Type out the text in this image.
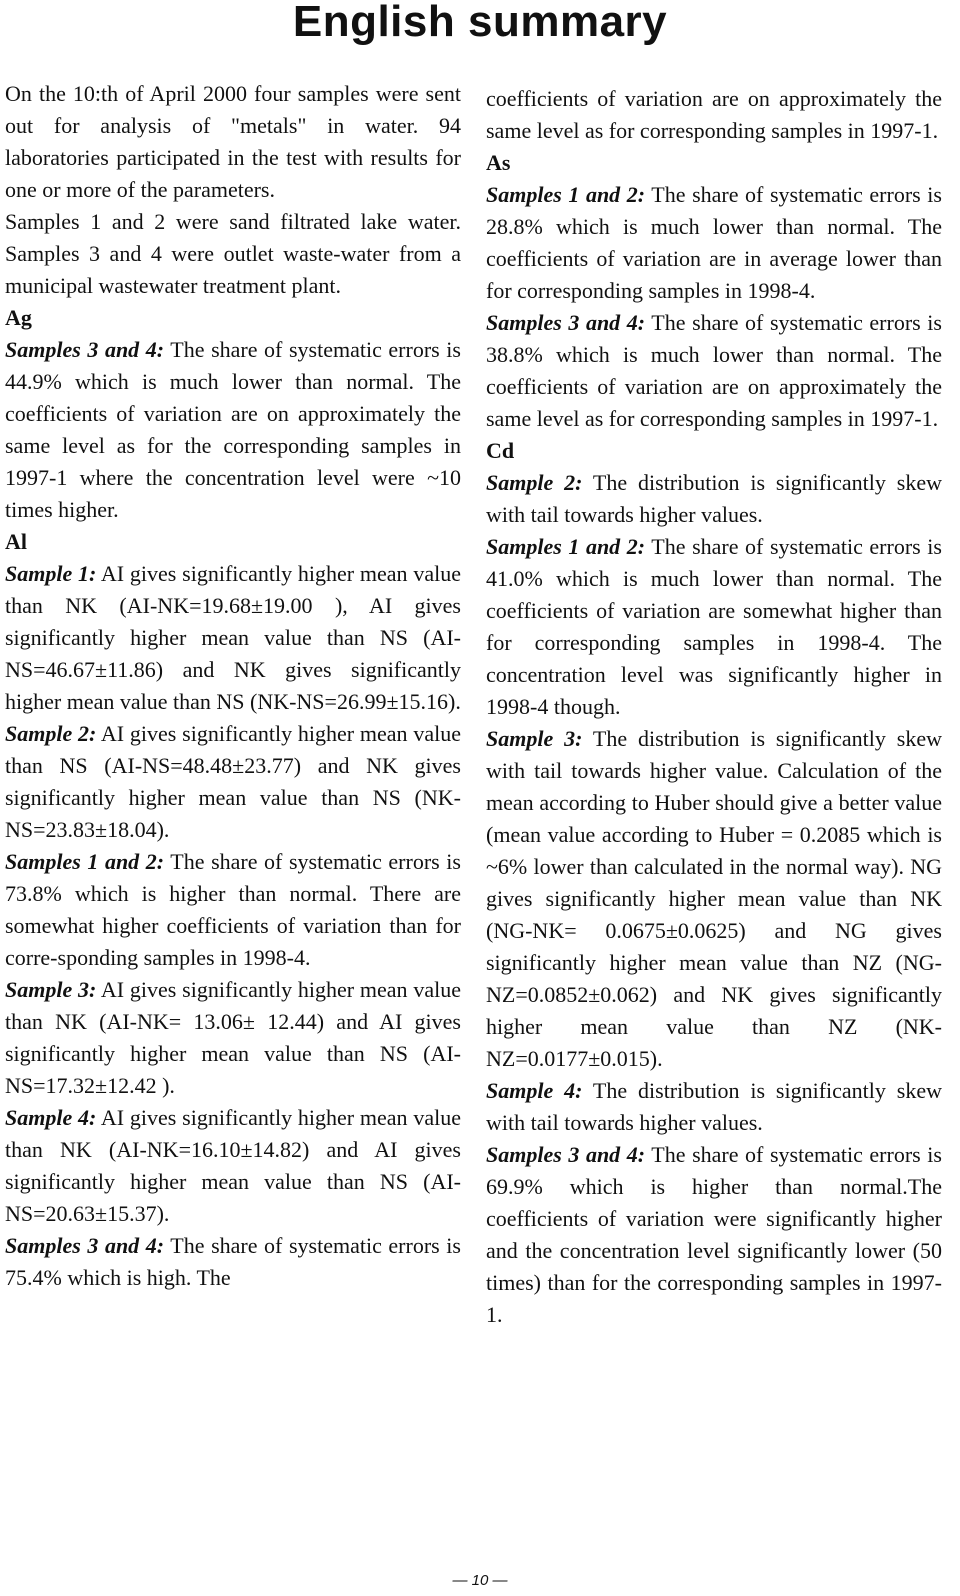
English summary

On the 10:th of April 2000 four samples were sent out for analysis of "metals" in water. 94 laboratories participated in the test with results for one or more of the parameters.

Samples 1 and 2 were sand filtrated lake water. Samples 3 and 4 were outlet waste-water from a municipal wastewater treatment plant.

Ag

Samples 3 and 4: The share of systematic errors is 44.9% which is much lower than normal. The coefficients of variation are on approximately the same level as for the corresponding samples in 1997-1 where the concentration level were ~10 times higher.

Al

Sample 1: AI gives significantly higher mean value than NK (AI-NK=19.68±19.00 ), AI gives significantly higher mean value than NS (AI-NS=46.67±11.86) and NK gives significantly higher mean value than NS (NK-NS=26.99±15.16).

Sample 2: AI gives significantly higher mean value than NS (AI-NS=48.48±23.77) and NK gives significantly higher mean value than NS (NK-NS=23.83±18.04).

Samples 1 and 2: The share of systematic errors is 73.8% which is higher than normal. There are somewhat higher coefficients of variation than for corre-sponding samples in 1998-4.

Sample 3: AI gives significantly higher mean value than NK (AI-NK= 13.06± 12.44) and AI gives significantly higher mean value than NS (AI-NS=17.32±12.42 ).

Sample 4: AI gives significantly higher mean value than NK (AI-NK=16.10±14.82) and AI gives significantly higher mean value than NS (AI-NS=20.63±15.37).

Samples 3 and 4: The share of systematic errors is 75.4% which is high. The

coefficients of variation are on approximately the same level as for corresponding samples in 1997-1.

As

Samples 1 and 2: The share of systematic errors is 28.8% which is much lower than normal. The coefficients of variation are in average lower than for corresponding samples in 1998-4.

Samples 3 and 4: The share of systematic errors is 38.8% which is much lower than normal. The coefficients of variation are on approximately the same level as for corresponding samples in 1997-1.

Cd

Sample 2: The distribution is significantly skew with tail towards higher values.

Samples 1 and 2: The share of systematic errors is 41.0% which is much lower than normal. The coefficients of variation are somewhat higher than for corresponding samples in 1998-4. The concentration level was significantly higher in 1998-4 though.

Sample 3: The distribution is significantly skew with tail towards higher value. Calculation of the mean according to Huber should give a better value (mean value according to Huber = 0.2085 which is ~6% lower than calculated in the normal way). NG gives significantly higher mean value than NK (NG-NK= 0.0675±0.0625) and NG gives significantly higher mean value than NZ (NG-NZ=0.0852±0.062) and NK gives significantly higher mean value than NZ (NK-NZ=0.0177±0.015).

Sample 4: The distribution is significantly skew with tail towards higher values.

Samples 3 and 4: The share of systematic errors is 69.9% which is higher than normal.The coefficients of variation were significantly higher and the concentration level significantly lower (50 times) than for the corresponding samples in 1997-1.

— 10 —
